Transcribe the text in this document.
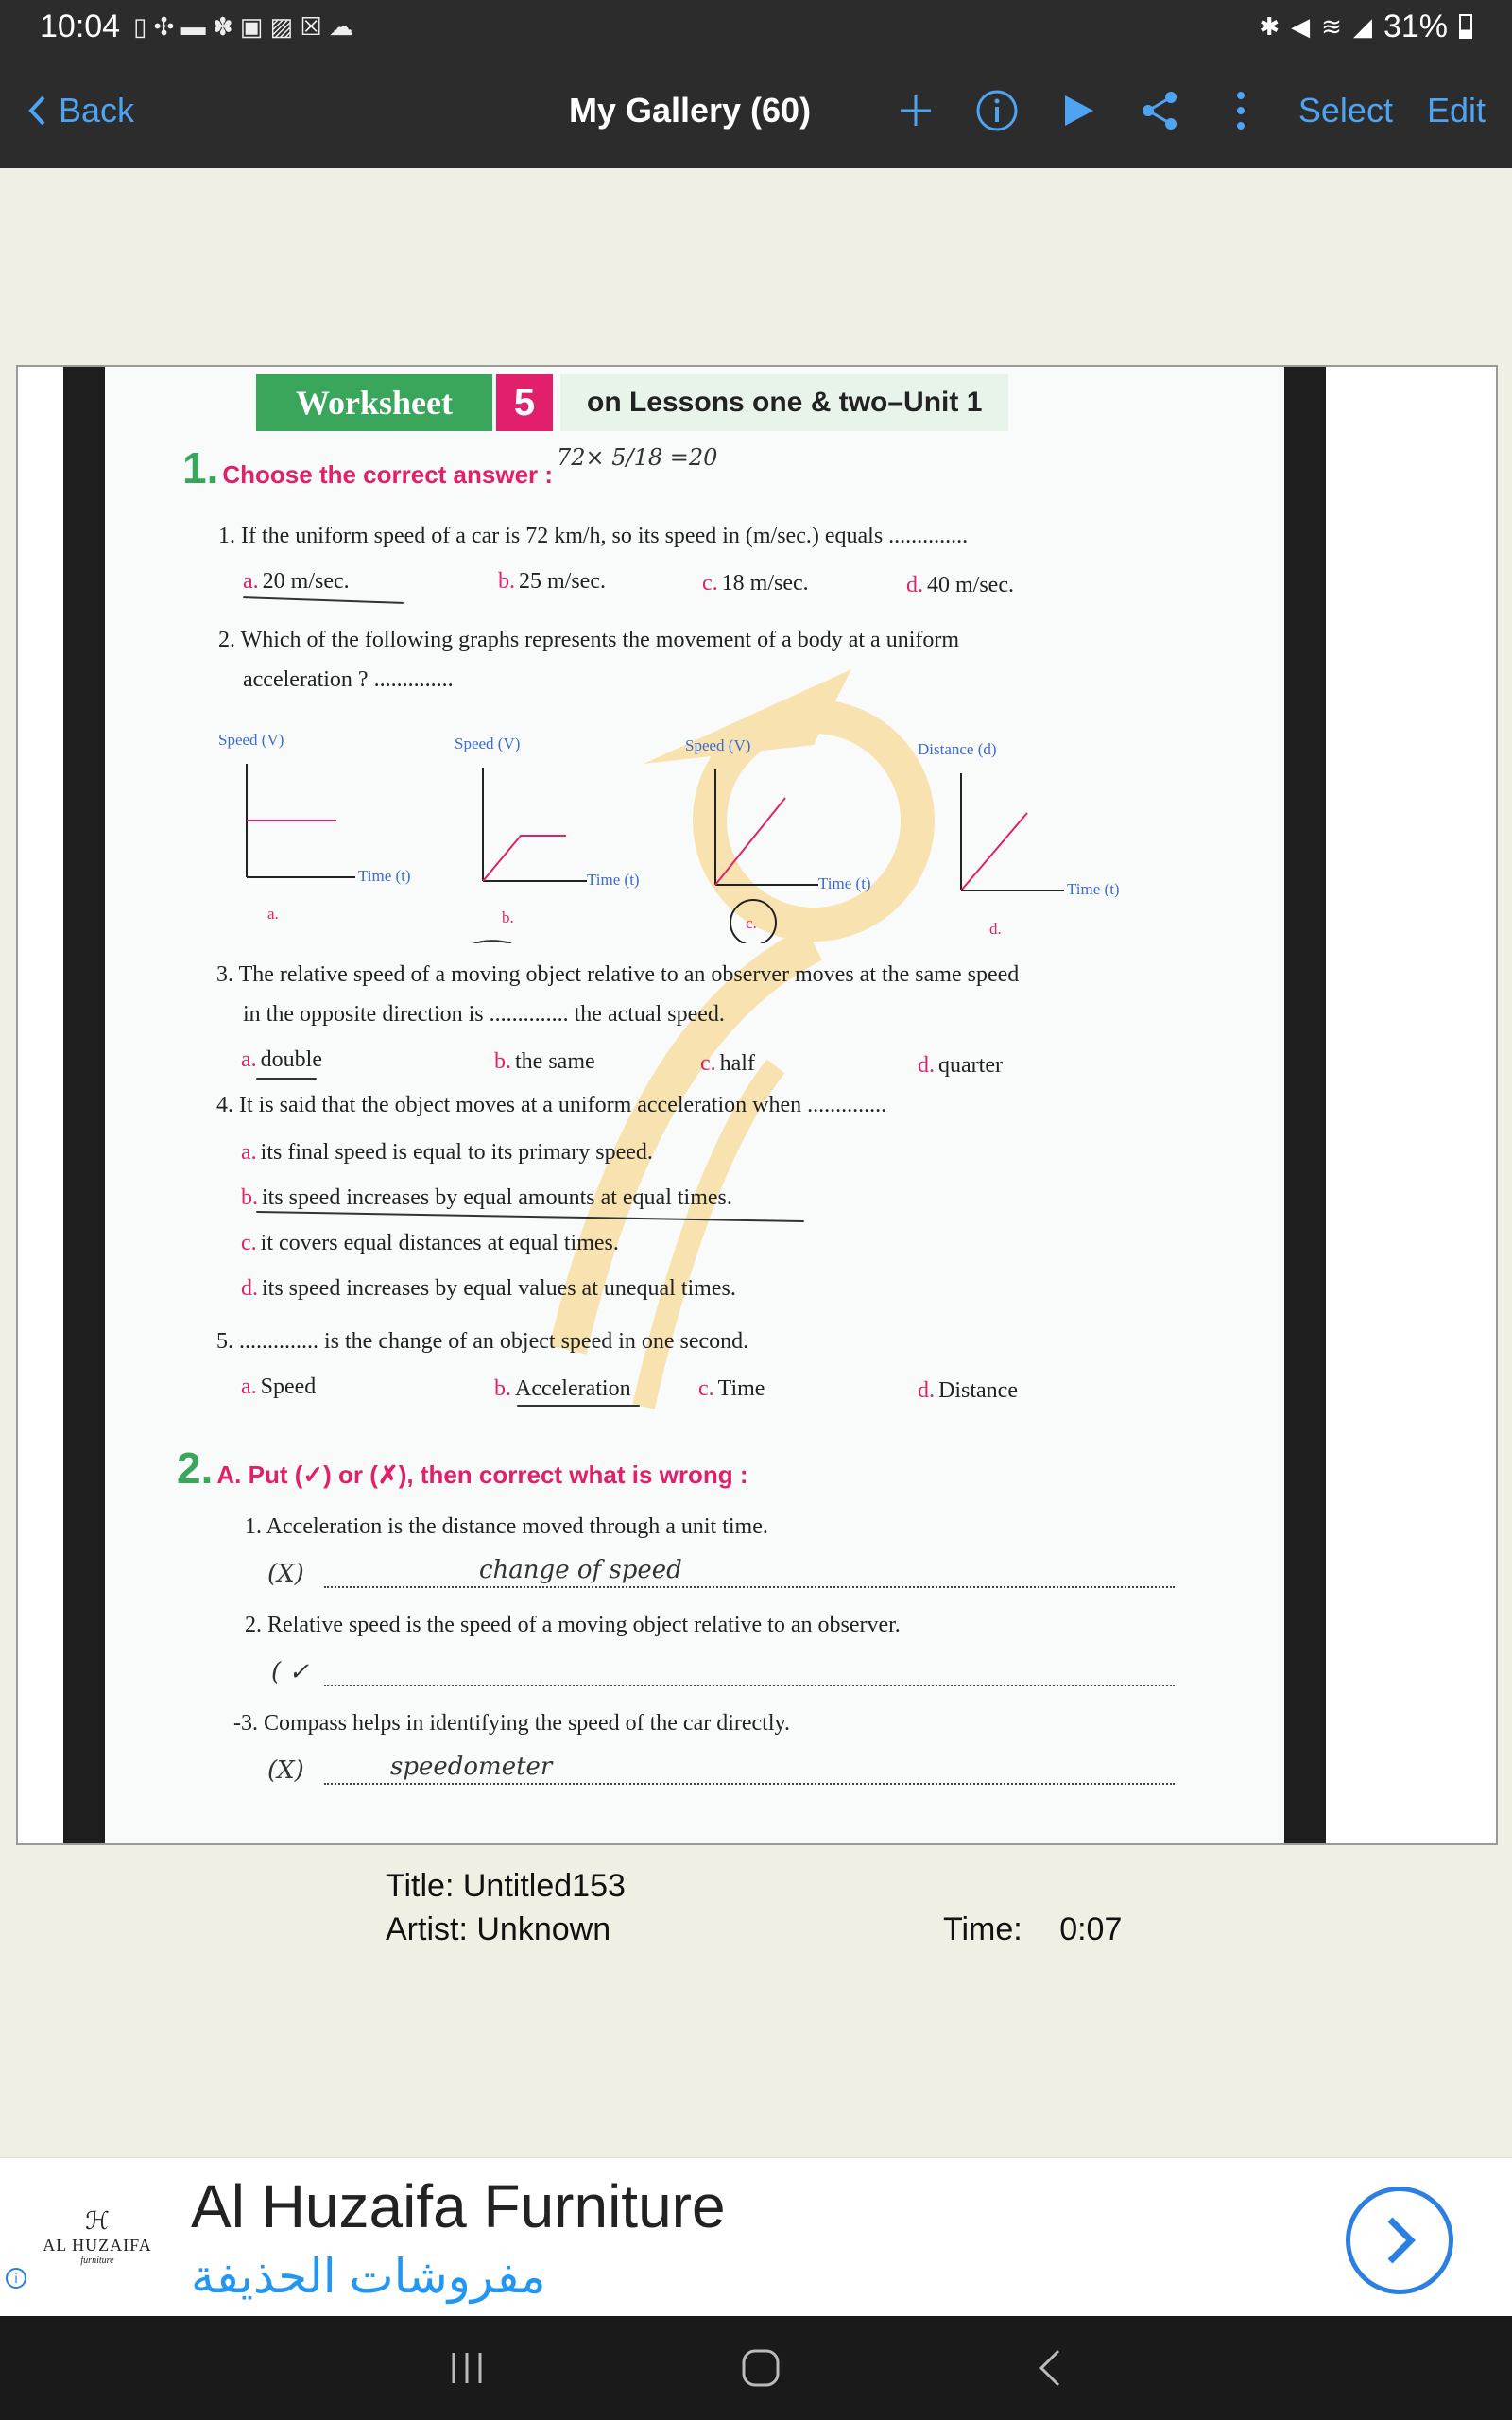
10:04 ▯ ✣ ▬ ✽ ▣ ▨ ☒ ☁	✱ ◀ ≋ ◢ 31%
Back	My Gallery (60)	Select Edit
Worksheet	5	on Lessons one & two–Unit 1
1. Choose the correct answer :
72× 5/18 =20
1. If the uniform speed of a car is 72 km/h, so its speed in (m/sec.) equals ..............
a. 20 m/sec.	b. 25 m/sec.	c. 18 m/sec.	d. 40 m/sec.
2. Which of the following graphs represents the movement of a body at a uniform
acceleration ? ..............
Speed (V)
Time (t)
a.
Speed (V)
Time (t)
b.
Speed (V)
Time (t)
c.
Distance (d)
Time (t)
d.
3. The relative speed of a moving object relative to an observer moves at the same speed
in the opposite direction is .............. the actual speed.
a. double	b. the same	c. half	d. quarter
4. It is said that the object moves at a uniform acceleration when ..............
a. its final speed is equal to its primary speed.
b. its speed increases by equal amounts at equal times.
c. it covers equal distances at equal times.
d. its speed increases by equal values at unequal times.
5. .............. is the change of an object speed in one second.
a. Speed	b. Acceleration	c. Time	d. Distance
2. A. Put (✓) or (✗), then correct what is wrong :
1. Acceleration is the distance moved through a unit time.
(X)	change of speed
2. Relative speed is the speed of a moving object relative to an observer.
( ✓
-3. Compass helps in identifying the speed of the car directly.
(X)	speedometer
Title: Untitled153
Artist: Unknown	Time: 0:07
i
ℋ
AL HUZAIFA
furniture
Al Huzaifa Furniture
مفروشات الحذيفة
